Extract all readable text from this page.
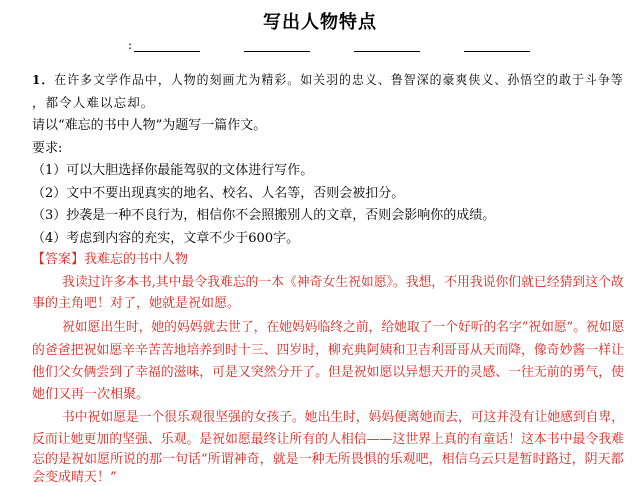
写出人物特点
:
1．在许多文学作品中，人物的刻画尤为精彩。如关羽的忠义、鲁智深的豪爽侠义、孙悟空的敢于斗争等
，都令人难以忘却。
请以“难忘的书中人物”为题写一篇作文。
要求:
（1）可以大胆选择你最能驾驭的文体进行写作。
（2）文中不要出现真实的地名、校名、人名等，否则会被扣分。
（3）抄袭是一种不良行为，相信你不会照搬别人的文章，否则会影响你的成绩。
（4）考虑到内容的充实，文章不少于600字。
【答案】我难忘的书中人物
我读过许多本书,其中最令我难忘的一本《神奇女生祝如愿》。我想，不用我说你们就已经猜到这个故
事的主角吧！对了，她就是祝如愿。
祝如愿出生时，她的妈妈就去世了，在她妈妈临终之前，给她取了一个好听的名字“祝如愿”。祝如愿
的爸爸把祝如愿辛辛苦苦地培养到时十三、四岁时，柳充典阿姨和卫吉利哥哥从天而降，像奇妙酱一样让
他们父女俩尝到了幸福的滋味，可是又突然分开了。但是祝如愿以异想天开的灵感、一往无前的勇气，使
她们又再一次相聚。
书中祝如愿是一个很乐观很坚强的女孩子。她出生时，妈妈便离她而去，可这并没有让她感到自卑，
反而让她更加的坚强、乐观。是祝如愿最终让所有的人相信——这世界上真的有童话！这本书中最令我难
忘的是祝如愿所说的那一句话“所谓神奇，就是一种无所畏惧的乐观吧，相信乌云只是暂时路过，阴天都
会变成晴天！”
